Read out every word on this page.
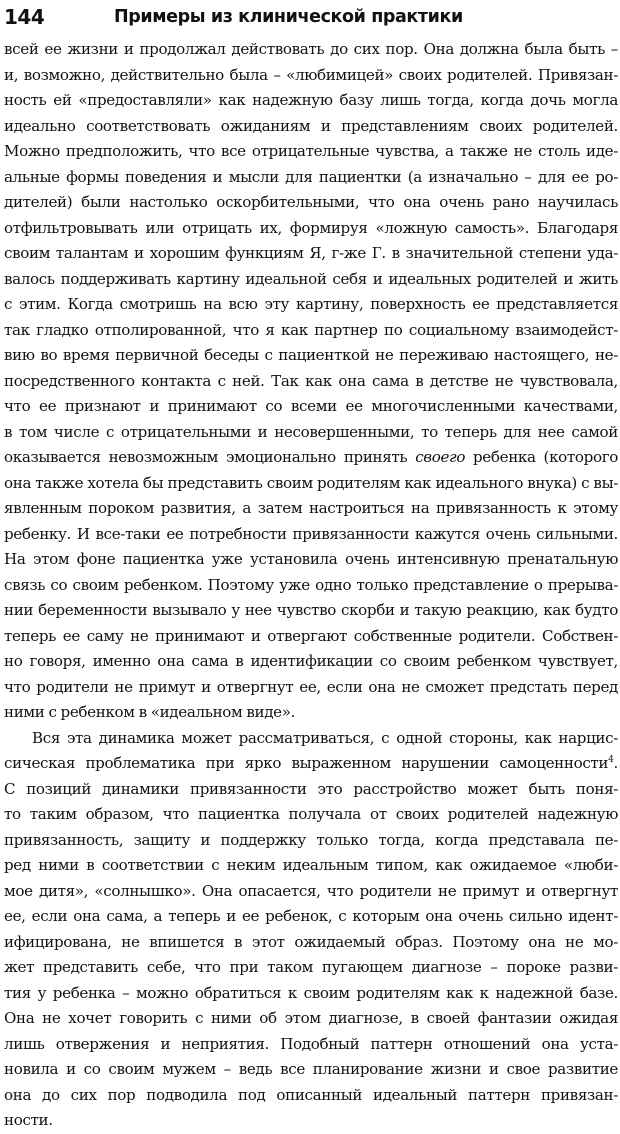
144	Примеры из клинической практики

всей ее жизни и продолжал действовать до сих пор. Она должна была быть –
и, возможно, действительно была – «любимицей» своих родителей. Привязан-
ность ей «предоставляли» как надежную базу лишь тогда, когда дочь могла
идеально соответствовать ожиданиям и представлениям своих родителей.
Можно предположить, что все отрицательные чувства, а также не столь иде-
альные формы поведения и мысли для пациентки (а изначально – для ее ро-
дителей) были настолько оскорбительными, что она очень рано научилась
отфильтровывать или отрицать их, формируя «ложную самость». Благодаря
своим талантам и хорошим функциям Я, г-же Г. в значительной степени уда-
валось поддерживать картину идеальной себя и идеальных родителей и жить
с этим. Когда смотришь на всю эту картину, поверхность ее представляется
так гладко отполированной, что я как партнер по социальному взаимодейст-
вию во время первичной беседы с пациенткой не переживаю настоящего, не-
посредственного контакта с ней. Так как она сама в детстве не чувствовала,
что ее признают и принимают со всеми ее многочисленными качествами,
в том числе с отрицательными и несовершенными, то теперь для нее самой
оказывается невозможным эмоционально принять своего ребенка (которого
она также хотела бы представить своим родителям как идеального внука) с вы-
явленным пороком развития, а затем настроиться на привязанность к этому
ребенку. И все-таки ее потребности привязанности кажутся очень сильными.
На этом фоне пациентка уже установила очень интенсивную пренатальную
связь со своим ребенком. Поэтому уже одно только представление о прерыва-
нии беременности вызывало у нее чувство скорби и такую реакцию, как будто
теперь ее саму не принимают и отвергают собственные родители. Собствен-
но говоря, именно она сама в идентификации со своим ребенком чувствует,
что родители не примут и отвергнут ее, если она не сможет предстать перед
ними с ребенком в «идеальном виде».

Вся эта динамика может рассматриваться, с одной стороны, как нарцис-
сическая проблематика при ярко выраженном нарушении самоценности$^4$.
С позиций динамики привязанности это расстройство может быть поня-
то таким образом, что пациентка получала от своих родителей надежную
привязанность, защиту и поддержку только тогда, когда представала пе-
ред ними в соответствии с неким идеальным типом, как ожидаемое «люби-
мое дитя», «солнышко». Она опасается, что родители не примут и отвергнут
ее, если она сама, а теперь и ее ребенок, с которым она очень сильно идент-
ифицирована, не впишется в этот ожидаемый образ. Поэтому она не мо-
жет представить себе, что при таком пугающем диагнозе – пороке разви-
тия у ребенка – можно обратиться к своим родителям как к надежной базе.
Она не хочет говорить с ними об этом диагнозе, в своей фантазии ожидая
лишь отвержения и неприятия. Подобный паттерн отношений она уста-
новила и со своим мужем – ведь все планирование жизни и свое развитие
она до сих пор подводила под описанный идеальный паттерн привязан-
ности.
